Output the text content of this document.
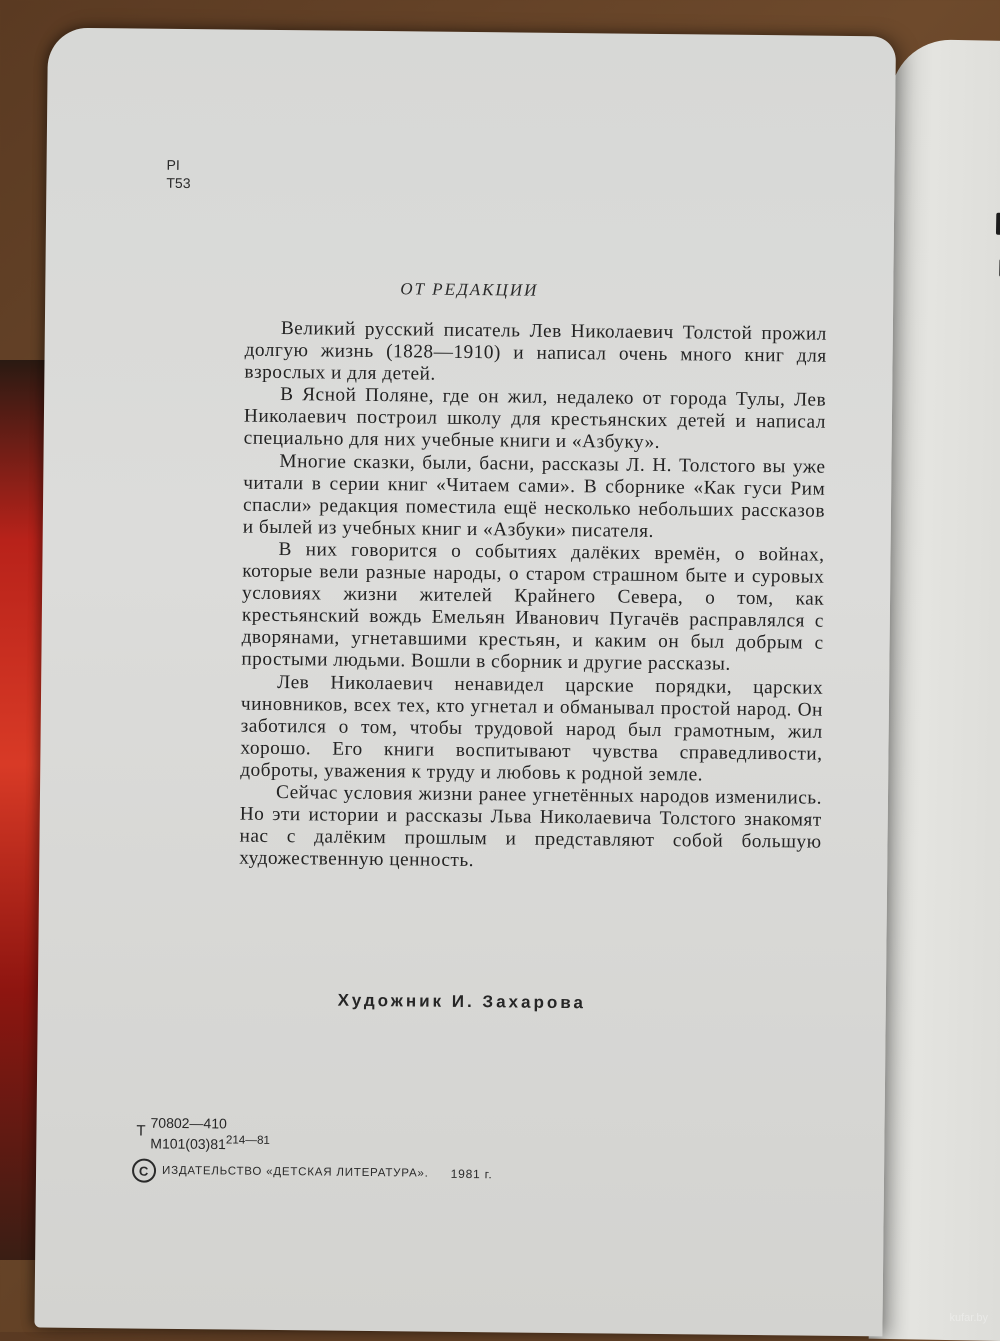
PI
Т53
ОТ РЕДАКЦИИ

Великий русский писатель Лев Николаевич Толстой прожил долгую жизнь (1828—1910) и написал очень много книг для взрослых и для детей.

В Ясной Поляне, где он жил, недалеко от города Тулы, Лев Николаевич построил школу для крестьянских детей и написал специально для них учебные книги и «Азбуку».

Многие сказки, были, басни, рассказы Л. Н. Толстого вы уже читали в серии книг «Читаем сами». В сборнике «Как гуси Рим спасли» редакция поместила ещё несколько небольших рассказов и былей из учебных книг и «Азбуки» писателя.

В них говорится о событиях далёких времён, о войнах, которые вели разные народы, о старом страшном быте и суровых условиях жизни жителей Крайнего Севера, о том, как крестьянский вождь Емельян Иванович Пугачёв расправлялся с дворянами, угнетавшими крестьян, и каким он был добрым с простыми людьми. Вошли в сборник и другие рассказы.

Лев Николаевич ненавидел царские порядки, царских чиновников, всех тех, кто угнетал и обманывал простой народ. Он заботился о том, чтобы трудовой народ был грамотным, жил хорошо. Его книги воспитывают чувства справедливости, доброты, уважения к труду и любовь к родной земле.

Сейчас условия жизни ранее угнетённых народов изменились. Но эти истории и рассказы Льва Николаевича Толстого знакомят нас с далёким прошлым и представляют собой большую художественную ценность.

Художник И. Захарова
Т 70802—410
$М101(03)81^{214—81}$
C	ИЗДАТЕЛЬСТВО «ДЕТСКАЯ ЛИТЕРАТУРА». 1981 г.
kufar.by
